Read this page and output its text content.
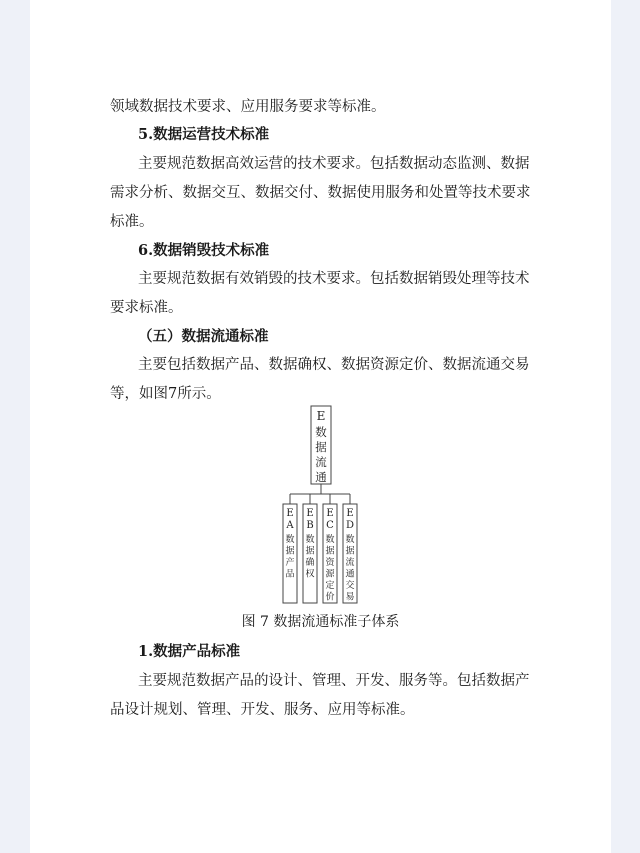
领域数据技术要求、应用服务要求等标准。
5.数据运营技术标准
主要规范数据高效运营的技术要求。包括数据动态监测、数据
需求分析、数据交互、数据交付、数据使用服务和处置等技术要求
标准。
6.数据销毁技术标准
主要规范数据有效销毁的技术要求。包括数据销毁处理等技术
要求标准。
（五）数据流通标准
主要包括数据产品、数据确权、数据资源定价、数据流通交易
等，如图7所示。
E
数
据
流
通
E
A
数
据
产
品
E
B
数
据
确
权
E
C
数
据
资
源
定
价
E
D
数
据
流
通
交
易
图 7 数据流通标准子体系
1.数据产品标准
主要规范数据产品的设计、管理、开发、服务等。包括数据产
品设计规划、管理、开发、服务、应用等标准。
